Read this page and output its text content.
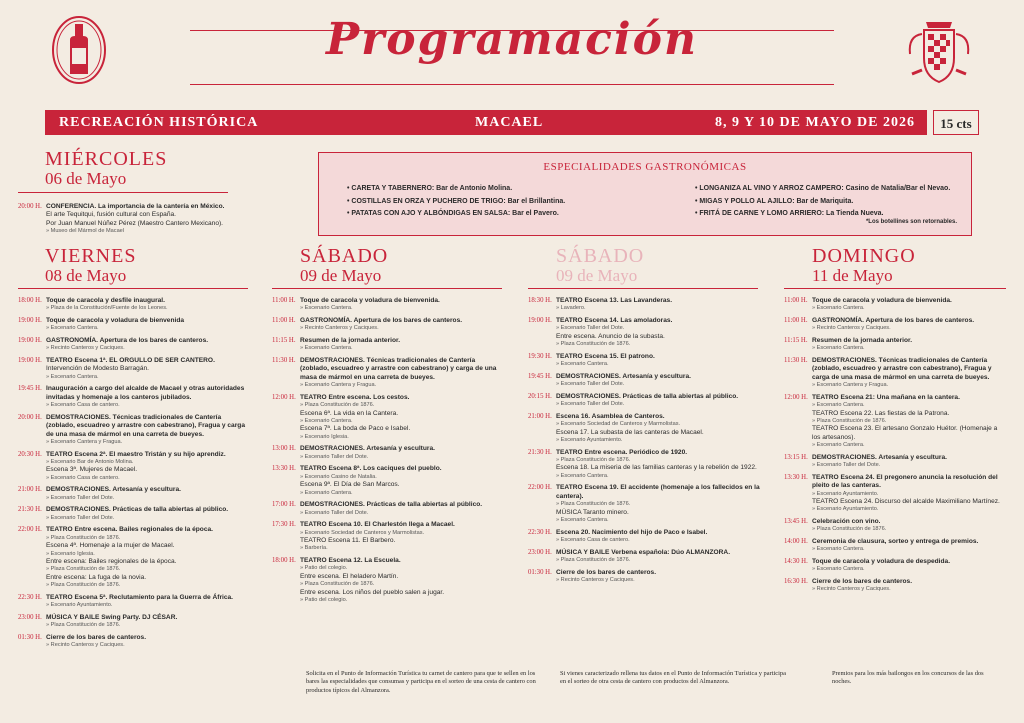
Programación
RECREACIÓN HISTÓRICA	MACAEL	8, 9 Y 10 DE MAYO DE 2026	15 cts
MIÉRCOLES
06 de Mayo
20:00 H. CONFERENCIA. La importancia de la cantería en México.
El arte Tequitqui, fusión cultural con España.
Por Juan Manuel Núñez Pérez (Maestro Cantero Mexicano).
» Museo del Mármol de Macael
ESPECIALIDADES GASTRONÓMICAS
• CARETA Y TABERNERO: Bar de Antonio Molina.
• COSTILLAS EN ORZA Y PUCHERO DE TRIGO: Bar el Brillantina.
• PATATAS CON AJO Y ALBÓNDIGAS EN SALSA: Bar el Pavero.
• LONGANIZA AL VINO Y ARROZ CAMPERO: Casino de Natalia/Bar el Nevao.
• MIGAS Y POLLO AL AJILLO: Bar de Mariquita.
• FRITÁ DE CARNE Y LOMO ARRIERO: La Tienda Nueva.
*Los botellines son retornables.
VIERNES
08 de Mayo
SÁBADO
09 de Mayo
SÁBADO
09 de Mayo
DOMINGO
11 de Mayo
18:00 H. Toque de caracola y desfile inaugural.
» Plaza de la Constitución/Fuente de los Leones.
19:00 H. Toque de caracola y voladura de bienvenida
» Escenario Cantera.
19:00 H. GASTRONOMÍA. Apertura de los bares de canteros.
» Recinto Canteros y Caciques.
19:00 H. TEATRO Escena 1ª. EL ORGULLO DE SER CANTERO.
Intervención de Modesto Barragán.
» Escenario Cantera.
19:45 H. Inauguración a cargo del alcalde de Macael y otras autoridades invitadas y homenaje a los canteros jubilados.
» Escenario Casa de cantero.
20:00 H. DEMOSTRACIONES. Técnicas tradicionales de Cantería (zoblado, escuadreo y arrastre con cabestrano), Fragua y carga de una masa de mármol en una carreta de bueyes.
» Escenario Cantera y Fragua.
20:30 H. TEATRO Escena 2ª. El maestro Tristán y su hijo aprendiz.
» Escenario Bar de Antonio Molina.
Escena 3ª. Mujeres de Macael.
» Escenario Casa de cantero.
21:00 H. DEMOSTRACIONES. Artesanía y escultura.
» Escenario Taller del Dote.
21:30 H. DEMOSTRACIONES. Prácticas de talla abiertas al público.
» Escenario Taller del Dote.
22:00 H. TEATRO Entre escena. Bailes regionales de la época.
» Plaza Constitución de 1876.
Escena 4ª. Homenaje a la mujer de Macael.
» Escenario Iglesia.
Entre escena: Bailes regionales de la época.
» Plaza Constitución de 1876.
Entre escena: La fuga de la novia.
» Plaza Constitución de 1876.
22:30 H. TEATRO Escena 5ª. Reclutamiento para la Guerra de África.
» Escenario Ayuntamiento.
23:00 H. MÚSICA Y BAILE Swing Party. DJ CÉSAR.
» Plaza Constitución de 1876.
01:30 H. Cierre de los bares de canteros.
» Recinto Canteros y Caciques.
11:00 H. Toque de caracola y voladura de bienvenida.
» Escenario Cantera.
11:00 H. GASTRONOMÍA. Apertura de los bares de canteros.
» Recinto Canteros y Caciques.
11:15 H. Resumen de la jornada anterior.
» Escenario Cantera.
11:30 H. DEMOSTRACIONES. Técnicas tradicionales de Cantería (zoblado, escuadreo y arrastre con cabestrano) y carga de una masa de mármol en una carreta de bueyes.
» Escenario Cantera y Fragua.
12:00 H. TEATRO Entre escena. Los cestos.
» Plaza Constitución de 1876.
Escena 6ª. La vida en la Cantera.
» Escenario Cantera.
Escena 7ª. La boda de Paco e Isabel.
» Escenario Iglesia.
13:00 H. DEMOSTRACIONES. Artesanía y escultura.
» Escenario Taller del Dote.
13:30 H. TEATRO Escena 8ª. Los caciques del pueblo.
» Escenario Casino de Natalia.
Escena 9ª. El Día de San Marcos.
» Escenario Cantera.
17:00 H. DEMOSTRACIONES. Prácticas de talla abiertas al público.
» Escenario Taller del Dote.
17:30 H. TEATRO Escena 10. El Charlestón llega a Macael.
» Escenario Sociedad de Canteros y Marmolistas.
TEATRO Escena 11. El Barbero.
» Barbería.
18:00 H. TEATRO Escena 12. La Escuela.
» Patio del colegio.
Entre escena. El heladero Martín.
» Plaza Constitución de 1876.
Entre escena. Los niños del pueblo salen a jugar.
» Patio del colegio.
18:30 H. TEATRO Escena 13. Las Lavanderas.
» Lavadero.
19:00 H. TEATRO Escena 14. Las amoladoras.
» Escenario Taller del Dote.
Entre escena. Anuncio de la subasta.
» Plaza Constitución de 1876.
19:30 H. TEATRO Escena 15. El patrono.
» Escenario Cantera.
19:45 H. DEMOSTRACIONES. Artesanía y escultura.
» Escenario Taller del Dote.
20:15 H. DEMOSTRACIONES. Prácticas de talla abiertas al público.
» Escenario Taller del Dote.
21:00 H. Escena 16. Asamblea de Canteros.
» Escenario Sociedad de Canteros y Marmolistas.
Escena 17. La subasta de las canteras de Macael.
» Escenario Ayuntamiento.
21:30 H. TEATRO Entre escena. Periódico de 1920.
» Plaza Constitución de 1876.
Escena 18. La miseria de las familias canteras y la rebelión de 1922.
» Escenario Cantera.
22:00 H. TEATRO Escena 19. El accidente (homenaje a los fallecidos en la cantera).
» Plaza Constitución de 1876.
MÚSICA Taranto minero.
» Escenario Cantera.
22:30 H. Escena 20. Nacimiento del hijo de Paco e Isabel.
» Escenario Casa de cantero.
23:00 H. MÚSICA Y BAILE Verbena española: Dúo ALMANZORA.
» Plaza Constitución de 1876.
01:30 H. Cierre de los bares de canteros.
» Recinto Canteros y Caciques.
11:00 H. Toque de caracola y voladura de bienvenida.
» Escenario Cantera.
11:00 H. GASTRONOMÍA. Apertura de los bares de canteros.
» Recinto Canteros y Caciques.
11:15 H. Resumen de la jornada anterior.
» Escenario Cantera.
11:30 H. DEMOSTRACIONES. Técnicas tradicionales de Cantería (zoblado, escuadreo y arrastre con cabestrano), Fragua y carga de una masa de mármol en una carreta de bueyes.
» Escenario Cantera y Fragua.
12:00 H. TEATRO Escena 21: Una mañana en la cantera.
» Escenario Cantera.
TEATRO Escena 22. Las fiestas de la Patrona.
» Plaza Constitución de 1876.
TEATRO Escena 23. El artesano Gonzalo Huétor. (Homenaje a los artesanos).
» Escenario Cantera.
13:15 H. DEMOSTRACIONES. Artesanía y escultura.
» Escenario Taller del Dote.
13:30 H. TEATRO Escena 24. El pregonero anuncia la resolución del pleito de las canteras.
» Escenario Ayuntamiento.
TEATRO Escena 24. Discurso del alcalde Maximiliano Martínez.
» Escenario Ayuntamiento.
13:45 H. Celebración con vino.
» Plaza Constitución de 1876.
14:00 H. Ceremonia de clausura, sorteo y entrega de premios.
» Escenario Cantera.
14:30 H. Toque de caracola y voladura de despedida.
» Escenario Cantera.
16:30 H. Cierre de los bares de canteros.
» Recinto Canteros y Caciques.
Solicita en el Punto de Información Turística tu carnet de cantero para que te sellen en los bares las especialidades que consumas y participa en el sorteo de una cesta de cantero con productos típicos del Almanzora.
Si vienes caracterizado rellena tus datos en el Punto de Información Turística y participa en el sorteo de otra cesta de cantero con productos del Almanzora.
Premios para los más bailongos en los concursos de las dos noches.
